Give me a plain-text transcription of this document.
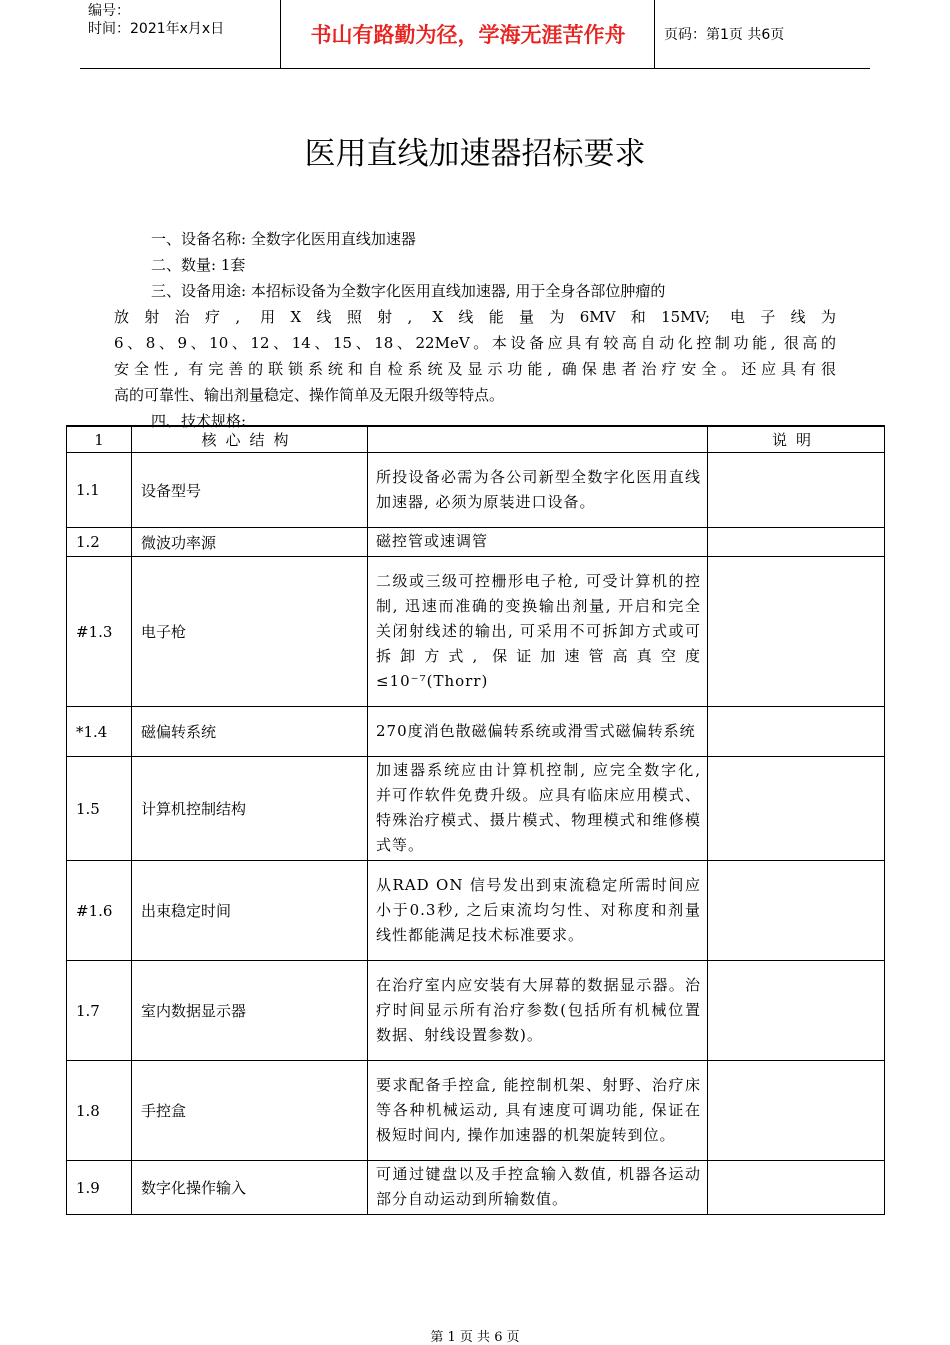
编号：
时间：2021年x月x日	书山有路勤为径，学海无涯苦作舟	页码：第1页 共6页
医用直线加速器招标要求
一、设备名称: 全数字化医用直线加速器
二、数量: 1套
三、设备用途: 本招标设备为全数字化医用直线加速器, 用于全身各部位肿瘤的
放射治疗, 用X线照射, X线能量为6MV和15MV; 电子线为
6、8、9、10、12、14、15、18、22MeV。本设备应具有较高自动化控制功能, 很高的
安全性, 有完善的联锁系统和自检系统及显示功能, 确保患者治疗安全。还应具有很
高的可靠性、输出剂量稳定、操作简单及无限升级等特点。
四、技术规格:
1	核心结构		说明
1.1	设备型号	所投设备必需为各公司新型全数字化医用直线加速器, 必须为原装进口设备。	
1.2	微波功率源	磁控管或速调管	
#1.3	电子枪	二级或三级可控栅形电子枪, 可受计算机的控制, 迅速而准确的变换输出剂量, 开启和完全关闭射线述的输出, 可采用不可拆卸方式或可拆卸方式, 保证加速管高真空度≤10⁻⁷(Thorr)	
*1.4	磁偏转系统	270度消色散磁偏转系统或滑雪式磁偏转系统	
1.5	计算机控制结构	加速器系统应由计算机控制, 应完全数字化, 并可作软件免费升级。应具有临床应用模式、特殊治疗模式、摄片模式、物理模式和维修模式等。	
#1.6	出束稳定时间	从RAD ON 信号发出到束流稳定所需时间应小于0.3秒, 之后束流均匀性、对称度和剂量线性都能满足技术标准要求。	
1.7	室内数据显示器	在治疗室内应安装有大屏幕的数据显示器。治疗时间显示所有治疗参数(包括所有机械位置数据、射线设置参数)。	
1.8	手控盒	要求配备手控盒, 能控制机架、射野、治疗床等各种机械运动, 具有速度可调功能, 保证在极短时间内, 操作加速器的机架旋转到位。	
1.9	数字化操作输入	可通过键盘以及手控盒输入数值, 机器各运动部分自动运动到所输数值。	
第 1 页 共 6 页
